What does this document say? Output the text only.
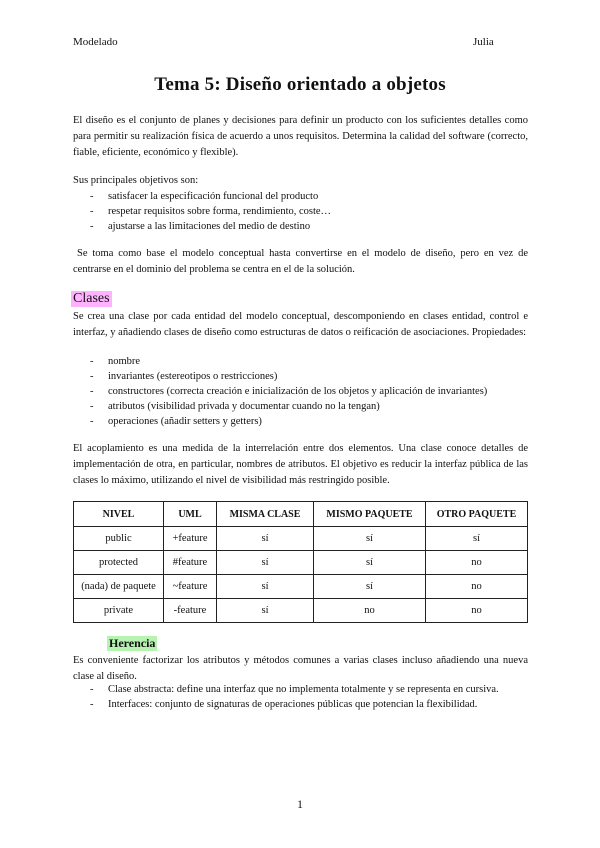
Modelado	Julia
Tema 5: Diseño orientado a objetos

El diseño es el conjunto de planes y decisiones para definir un producto con los suficientes detalles como para permitir su realización física de acuerdo a unos requisitos. Determina la calidad del software (correcto, fiable, eficiente, económico y flexible).

Sus principales objetivos son:

- satisfacer la especificación funcional del producto
- respetar requisitos sobre forma, rendimiento, coste…
- ajustarse a las limitaciones del medio de destino

Se toma como base el modelo conceptual hasta convertirse en el modelo de diseño, pero en vez de centrarse en el dominio del problema se centra en el de la solución.

Clases

Se crea una clase por cada entidad del modelo conceptual, descomponiendo en clases entidad, control e interfaz, y añadiendo clases de diseño como estructuras de datos o reificación de asociaciones. Propiedades:

- nombre
- invariantes (estereotipos o restricciones)
- constructores (correcta creación e inicialización de los objetos y aplicación de invariantes)
- atributos (visibilidad privada y documentar cuando no la tengan)
- operaciones (añadir setters y getters)

El acoplamiento es una medida de la interrelación entre dos elementos. Una clase conoce detalles de implementación de otra, en particular, nombres de atributos. El objetivo es reducir la interfaz pública de las clases lo máximo, utilizando el nivel de visibilidad más restringido posible.

NIVEL	UML	MISMA CLASE	MISMO PAQUETE	OTRO PAQUETE
public	+feature	sí	sí	sí
protected	#feature	sí	sí	no
(nada) de paquete	~feature	sí	sí	no
private	-feature	sí	no	no
Herencia

Es conveniente factorizar los atributos y métodos comunes a varias clases incluso añadiendo una nueva clase al diseño.

- Clase abstracta: define una interfaz que no implementa totalmente y se representa en cursiva.
- Interfaces: conjunto de signaturas de operaciones públicas que potencian la flexibilidad.
1
